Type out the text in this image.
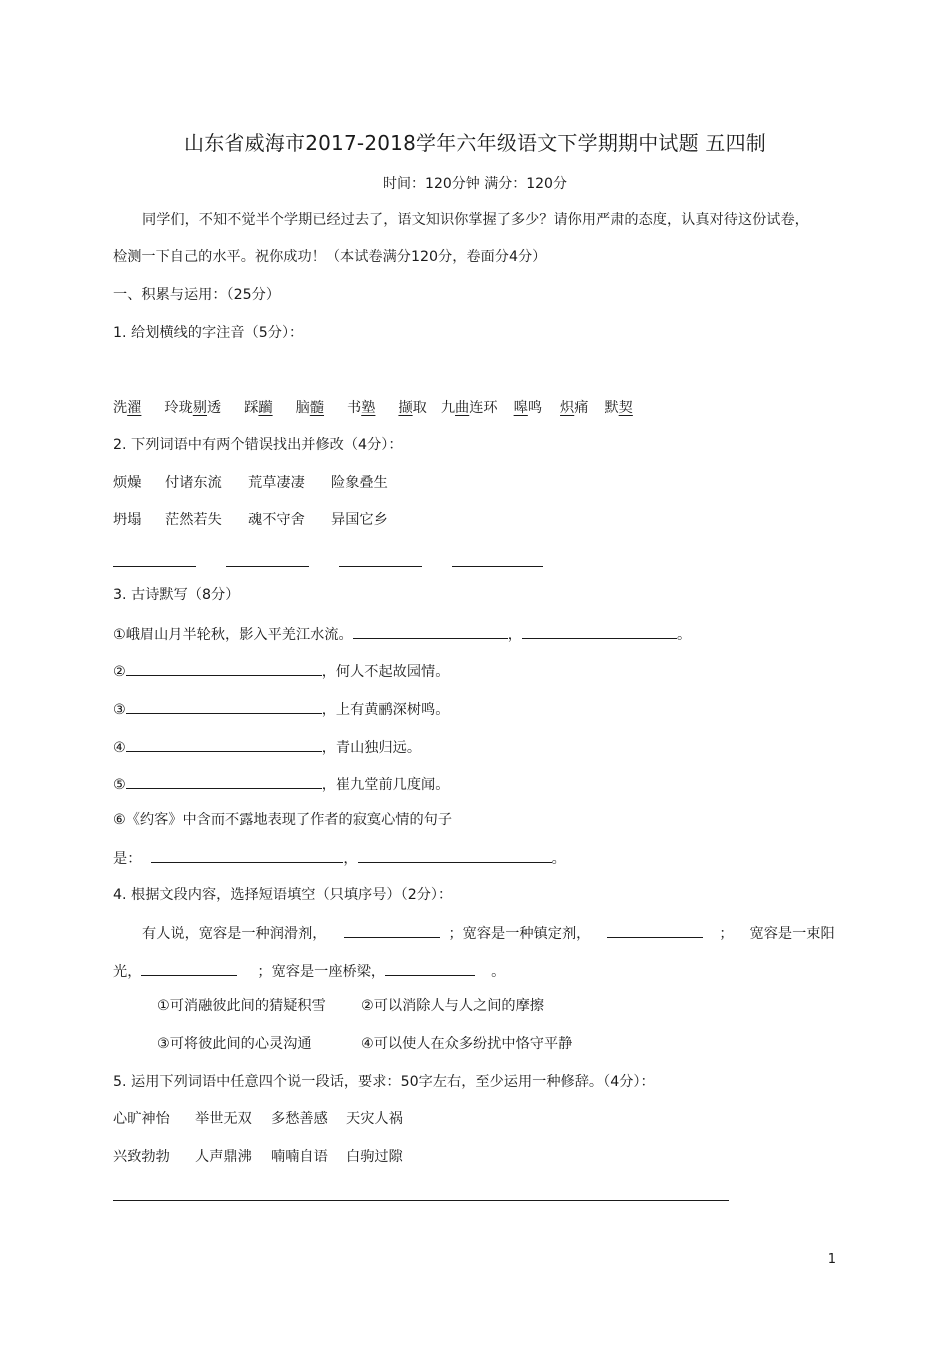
山东省威海市2017-2018学年六年级语文下学期期中试题 五四制
时间：120分钟 满分：120分
同学们，不知不觉半个学期已经过去了，语文知识你掌握了多少？请你用严肃的态度，认真对待这份试卷，
检测一下自己的水平。祝你成功！（本试卷满分120分，卷面分4分）
一、积累与运用：（25分）
1. 给划横线的字注音（5分）：
洗濯 玲珑剔透 踩躏 脑髓 书塾 撷取 九曲连环 嗥鸣 炽痛 默契
2. 下列词语中有两个错误找出并修改（4分）：
烦燥 付诸东流 荒草凄凄 险象叠生
坍塌 茫然若失 魂不守舍 异国它乡
3. 古诗默写（8分）
①峨眉山月半轮秋，影入平羌江水流。	，	。
②	，何人不起故园情。
③	，上有黄鹂深树鸣。
④	，青山独归远。
⑤	，崔九堂前几度闻。
⑥《约客》中含而不露地表现了作者的寂寞心情的句子
是：	，	。
4. 根据文段内容，选择短语填空（只填序号）（2分）：
有人说，宽容是一种润滑剂，	；宽容是一种镇定剂，	； 宽容是一束阳
光，	；宽容是一座桥梁，	。
①可消融彼此间的猜疑积雪 ②可以消除人与人之间的摩擦
③可将彼此间的心灵沟通	④可以使人在众多纷扰中恪守平静
5. 运用下列词语中任意四个说一段话，要求：50字左右，至少运用一种修辞。（4分）：
心旷神怡 举世无双 多愁善感 天灾人祸
兴致勃勃 人声鼎沸 喃喃自语 白驹过隙
1
